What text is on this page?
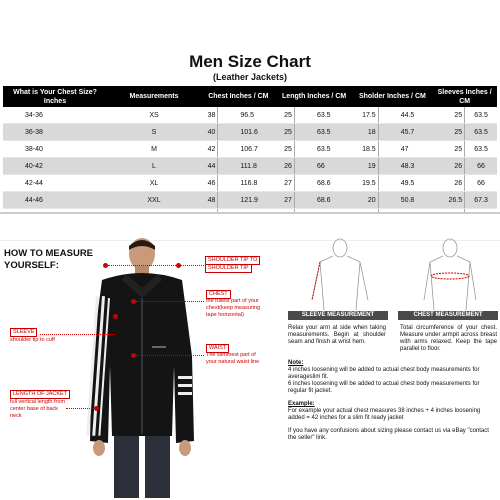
Men Size Chart
(Leather Jackets)
What is Your Chest Size? Inches	Measurements	Chest Inches / CM		Length Inches / CM		Sholder Inches / CM		Sleeves Inches / CM	
34-36	XS	38	96.5	25	63.5	17.5	44.5	25	63.5
36-38	S	40	101.6	25	63.5	18	45.7	25	63.5
38-40	M	42	106.7	25	63.5	18.5	47	25	63.5
40-42	L	44	111.8	26	66	19	48.3	26	66
42-44	XL	46	116.8	27	68.6	19.5	49.5	26	66
44-46	XXL	48	121.9	27	68.6	20	50.8	26.5	67.3

HOW TO MEASURE
YOURSELF:	SHOULDER TIP TO
SHOULDER TIP
CHEST
the fullest part of your chest(keep measuring tape horizontal)
SLEEVE
shoulder tip to cuff
WAIST
The slimmest part of your natural waist line
LENGTH OF JACKET
full vertical length from center base of back neck
SLEEVE MEASUREMENT
Relax your arm at side when taking measurements. Begin at shoulder seam and finish at wrist hem.
CHEST MEASUREMENT
Total circumference of your chest. Measure under armpit across breast with arms relaxed. Keep the tape parallel to floor.
Note:
4 inches loosening will be added to actual chest body measurements for averageslim fit.
6 inches loosening will be added to actual chest body measurements for regular fit jacket.
Example:
For example your actual chest measures 38 inches + 4 inches loosening added = 42 inches for a slim fit ready jacket
If you have any confusions about sizing please contact us via eBay "contact the seller" link.
